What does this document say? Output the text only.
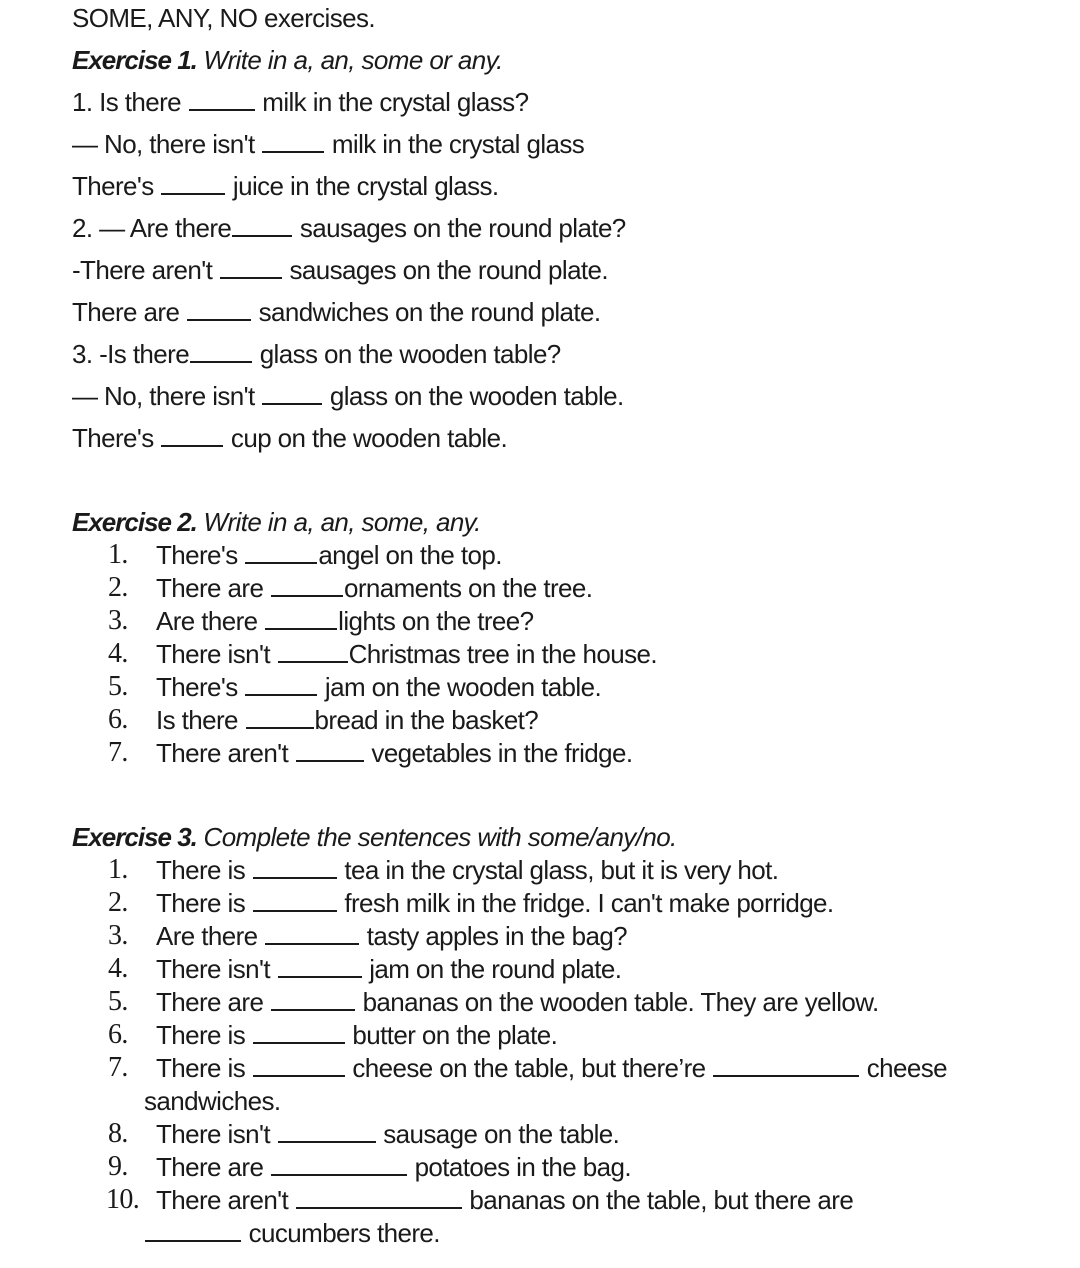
SOME, ANY, NO exercises.
Exercise 1. Write in a, an, some or any.
1. Is there	milk in the crystal glass?
— No, there isn't  milk in the crystal glass
There's	juice in the crystal glass.
2. — Are there sausages on the round plate?
-There aren't  sausages on the round plate.
There are	sandwiches on the round plate.
3. -Is there glass on the wooden table?
— No, there isn't  glass on the wooden table.
There's  cup on the wooden table.
Exercise 2. Write in a, an, some, any.
1.	There's	angel on the top.
2.	There are	ornaments on the tree.
3.	Are there	lights on the tree?
4.	There isn't	Christmas tree in the house.
5.	There's	jam on the wooden table.
6.	Is there	bread in the basket?
7.	There aren't	vegetables in the fridge.
Exercise 3. Complete the sentences with some/any/no.
1.	There is	tea in the crystal glass, but it is very hot.
2.	There is	fresh milk in the fridge. I can't make porridge.
3.	Are there	tasty apples in the bag?
4.	There isn't	jam on the round plate.
5.	There are	bananas on the wooden table. They are yellow.
6.	There is	butter on the plate.
7.	There is	cheese on the table, but there’re	cheese
sandwiches.
8.	There isn't	sausage on the table.
9.	There are	potatoes in the bag.
10. There aren't	bananas on the table, but there are
cucumbers there.
